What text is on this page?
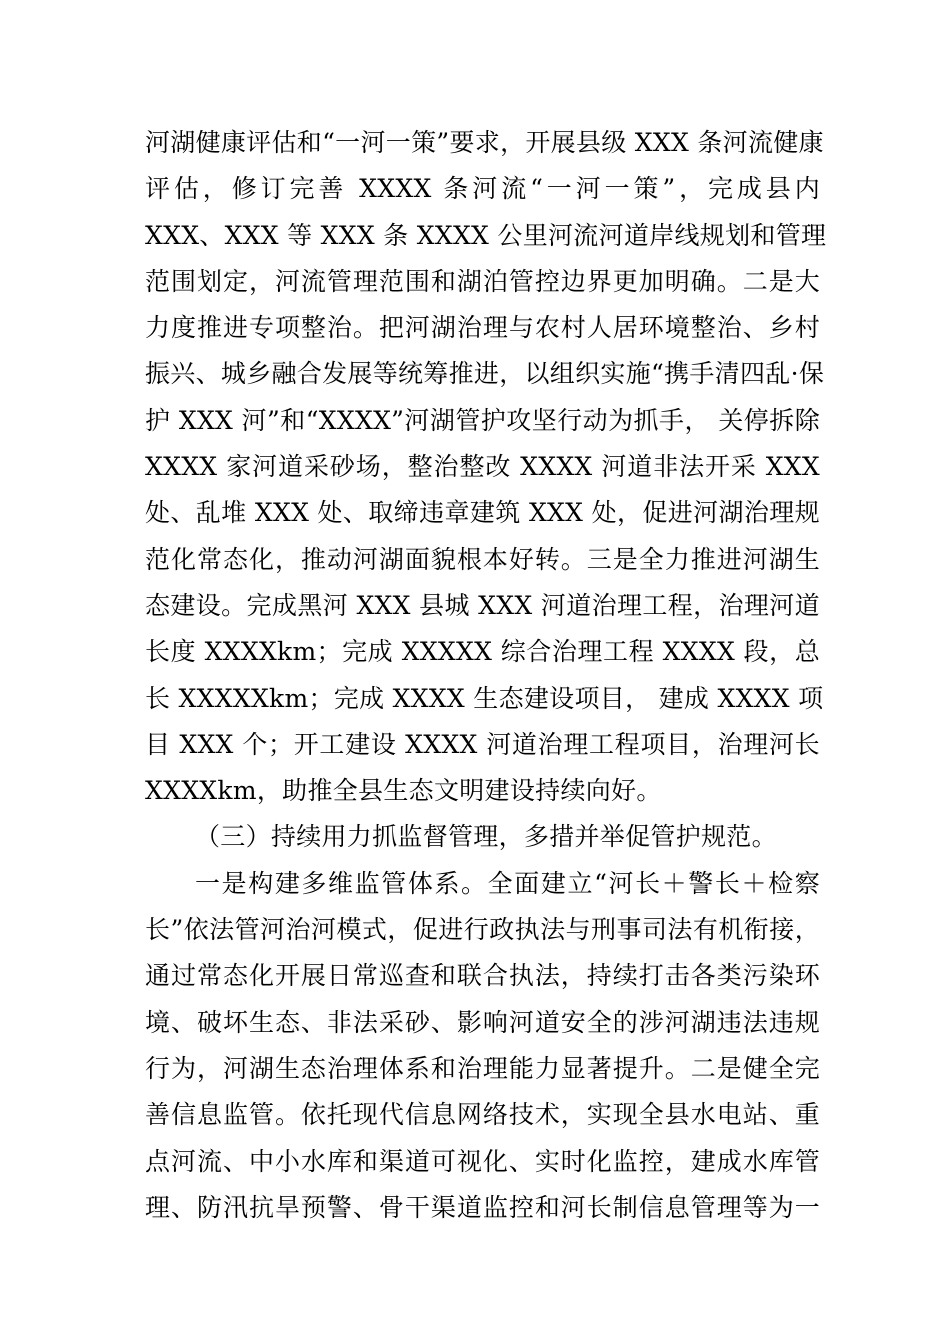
河湖健康评估和“一河一策”要求，开展县级 XXX 条河流健康
评估，修订完善 XXXX 条河流“一河一策”，完成县内
XXX、XXX 等 XXX 条 XXXX 公里河流河道岸线规划和管理
范围划定，河流管理范围和湖泊管控边界更加明确。二是大
力度推进专项整治。把河湖治理与农村人居环境整治、乡村
振兴、城乡融合发展等统筹推进，以组织实施“携手清四乱·保
护 XXX 河”和“XXXX”河湖管护攻坚行动为抓手， 关停拆除
XXXX 家河道采砂场，整治整改 XXXX 河道非法开采 XXX
处、乱堆 XXX 处、取缔违章建筑 XXX 处，促进河湖治理规
范化常态化，推动河湖面貌根本好转。三是全力推进河湖生
态建设。完成黑河 XXX 县城 XXX 河道治理工程，治理河道
长度 XXXXkm；完成 XXXXX 综合治理工程 XXXX 段，总
长 XXXXXkm；完成 XXXX 生态建设项目， 建成 XXXX 项
目 XXX 个；开工建设 XXXX 河道治理工程项目，治理河长
XXXXkm，助推全县生态文明建设持续向好。
（三）持续用力抓监督管理，多措并举促管护规范。
一是构建多维监管体系。全面建立“河长＋警长＋检察
长”依法管河治河模式，促进行政执法与刑事司法有机衔接，
通过常态化开展日常巡查和联合执法，持续打击各类污染环
境、破坏生态、非法采砂、影响河道安全的涉河湖违法违规
行为，河湖生态治理体系和治理能力显著提升。二是健全完
善信息监管。依托现代信息网络技术，实现全县水电站、重
点河流、中小水库和渠道可视化、实时化监控，建成水库管
理、防汛抗旱预警、骨干渠道监控和河长制信息管理等为一
